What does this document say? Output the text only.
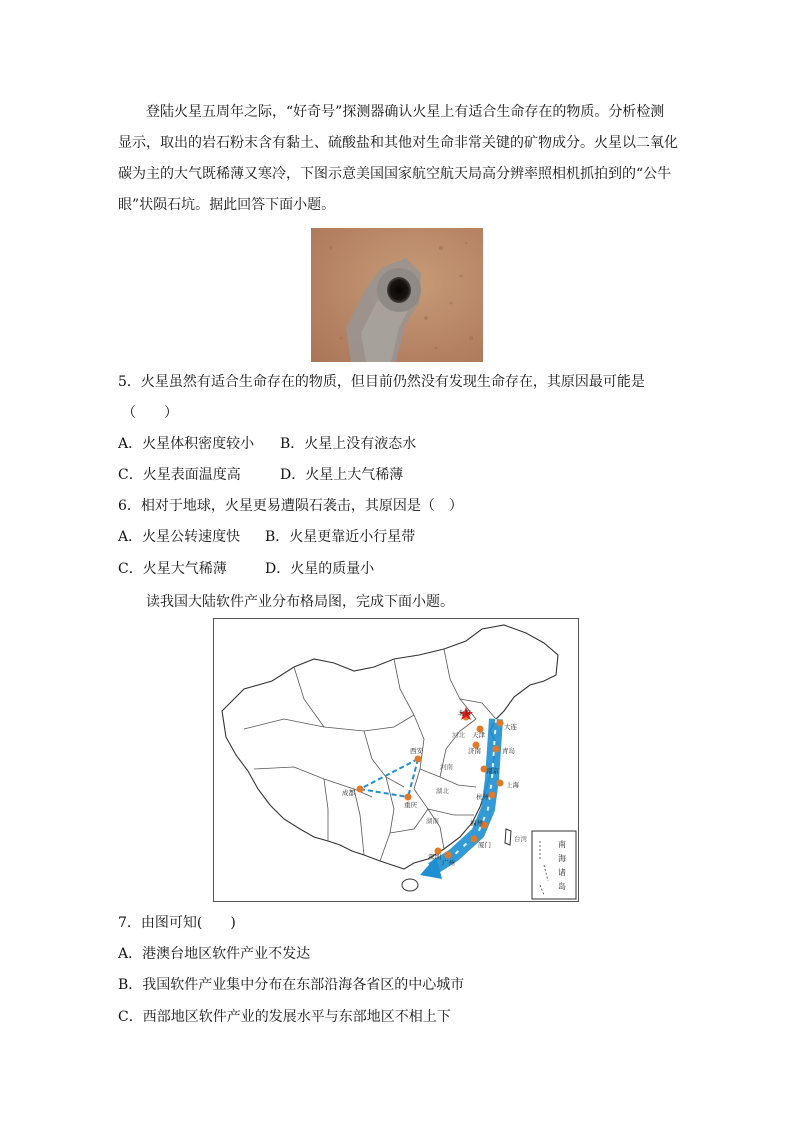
登陆火星五周年之际，“好奇号”探测器确认火星上有适合生命存在的物质。分析检测
显示，取出的岩石粉末含有黏土、硫酸盐和其他对生命非常关键的矿物成分。火星以二氧化
碳为主的大气既稀薄又寒冷，下图示意美国国家航空航天局高分辨率照相机抓拍到的“公牛
眼”状陨石坑。据此回答下面小题。
5．火星虽然有适合生命存在的物质，但目前仍然没有发现生命存在，其原因最可能是
（　　）
A．火星体积密度较小 B．火星上没有液态水
C．火星表面温度高	D．火星上大气稀薄
6．相对于地球，火星更易遭陨石袭击，其原因是（　）
A．火星公转速度快 B．火星更靠近小行星带
C．火星大气稀薄	D．火星的质量小
读我国大陆软件产业分布格局图，完成下面小题。
南
海
诸
岛
北京
天津
大连
济南	青岛
南京
上海
杭州
福州
厦门
广州
深圳
西安
成都
重庆
河北
河南
湖北
湖南
台湾
7．由图可知(　　)
A．港澳台地区软件产业不发达
B．我国软件产业集中分布在东部沿海各省区的中心城市
C．西部地区软件产业的发展水平与东部地区不相上下
